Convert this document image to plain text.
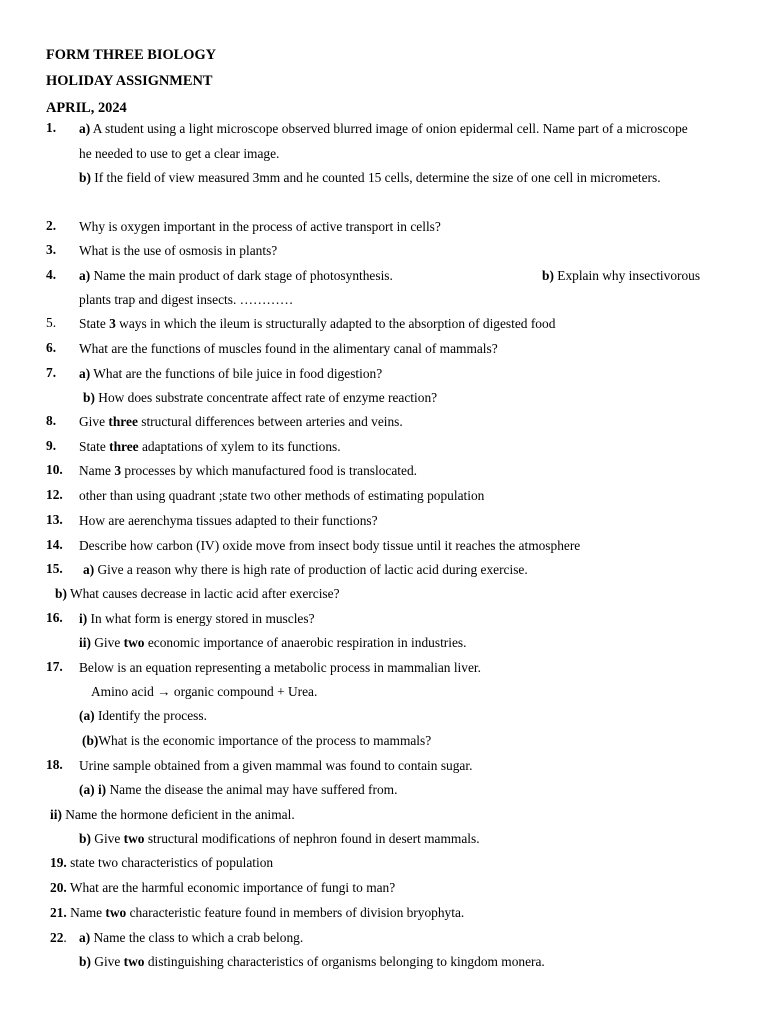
FORM THREE BIOLOGY
HOLIDAY ASSIGNMENT
APRIL, 2024
1. a) A student using a light microscope observed blurred image of onion epidermal cell. Name part of a microscope
he needed to use to get a clear image.
b) If the field of view measured 3mm and he counted 15 cells, determine the size of one cell in micrometers.
2. Why is oxygen important in the process of active transport in cells?
3. What is the use of osmosis in plants?
4. a) Name the main product of dark stage of photosynthesis.	b) Explain why insectivorous
plants trap and digest insects. …………
5. State 3 ways in which the ileum is structurally adapted to the absorption of digested food
6. What are the functions of muscles found in the alimentary canal of mammals?
7. a) What are the functions of bile juice in food digestion?
b) How does substrate concentrate affect rate of enzyme reaction?
8. Give three structural differences between arteries and veins.
9. State three adaptations of xylem to its functions.
10. Name 3 processes by which manufactured food is translocated.
12. other than using quadrant ;state two other methods of estimating population
13. How are aerenchyma tissues adapted to their functions?
14. Describe how carbon (IV) oxide move from insect body tissue until it reaches the atmosphere
15. a) Give a reason why there is high rate of production of lactic acid during exercise.
b) What causes decrease in lactic acid after exercise?
16. i) In what form is energy stored in muscles?
ii) Give two economic importance of anaerobic respiration in industries.
17. Below is an equation representing a metabolic process in mammalian liver.
Amino acid → organic compound + Urea.
(a) Identify the process.
(b)What is the economic importance of the process to mammals?
18. Urine sample obtained from a given mammal was found to contain sugar.
(a) i) Name the disease the animal may have suffered from.
ii) Name the hormone deficient in the animal.
b) Give two structural modifications of nephron found in desert mammals.
19. state two characteristics of population
20. What are the harmful economic importance of fungi to man?
21. Name two characteristic feature found in members of division bryophyta.
22. a) Name the class to which a crab belong.
b) Give two distinguishing characteristics of organisms belonging to kingdom monera.
